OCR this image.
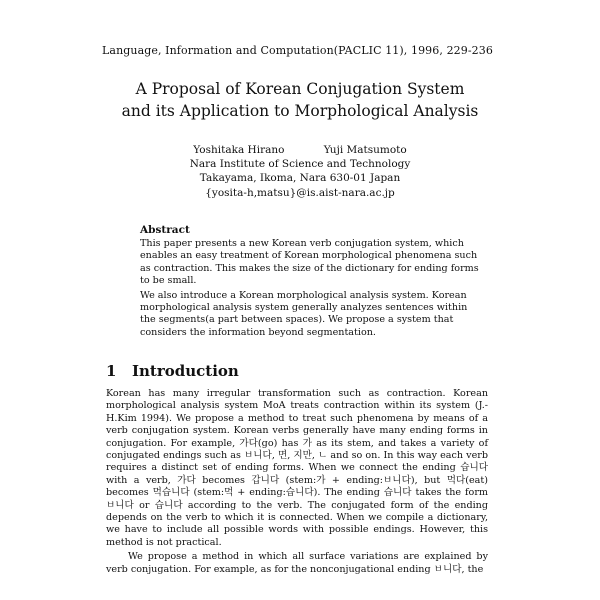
Language, Information and Computation(PACLIC 11), 1996, 229-236
A Proposal of Korean Conjugation System
and its Application to Morphological Analysis
Yoshitaka Hirano	Yuji Matsumoto
Nara Institute of Science and Technology
Takayama, Ikoma, Nara 630-01 Japan
{yosita-h,matsu}@is.aist-nara.ac.jp
Abstract

This paper presents a new Korean verb conjugation system, which enables an easy treatment of Korean morphological phenomena such as contraction. This makes the size of the dictionary for ending forms to be small.

We also introduce a Korean morphological analysis system. Korean morphological analysis system generally analyzes sentences within the segments(a part between spaces). We propose a system that considers the information beyond segmentation.

1 Introduction

Korean has many irregular transformation such as contraction. Korean morphological analysis system MoA treats contraction within its system (J.-H.Kim 1994). We propose a method to treat such phenomena by means of a verb conjugation system. Korean verbs generally have many ending forms in conjugation. For example, 가다(go) has 가 as its stem, and takes a variety of conjugated endings such as ㅂ니다, 면, 지만, ㄴ and so on. In this way each verb requires a distinct set of ending forms. When we connect the ending 습니다 with a verb, 가다 becomes 갑니다 (stem:가 + ending:ㅂ니다), but 먹다(eat) becomes 먹습니다 (stem:먹 + ending:습니다). The ending 습니다 takes the form ㅂ니다 or 습니다 according to the verb. The conjugated form of the ending depends on the verb to which it is connected. When we compile a dictionary, we have to include all possible words with possible endings. However, this method is not practical.

We propose a method in which all surface variations are explained by verb conjugation. For example, as for the nonconjugational ending ㅂ니다, the
